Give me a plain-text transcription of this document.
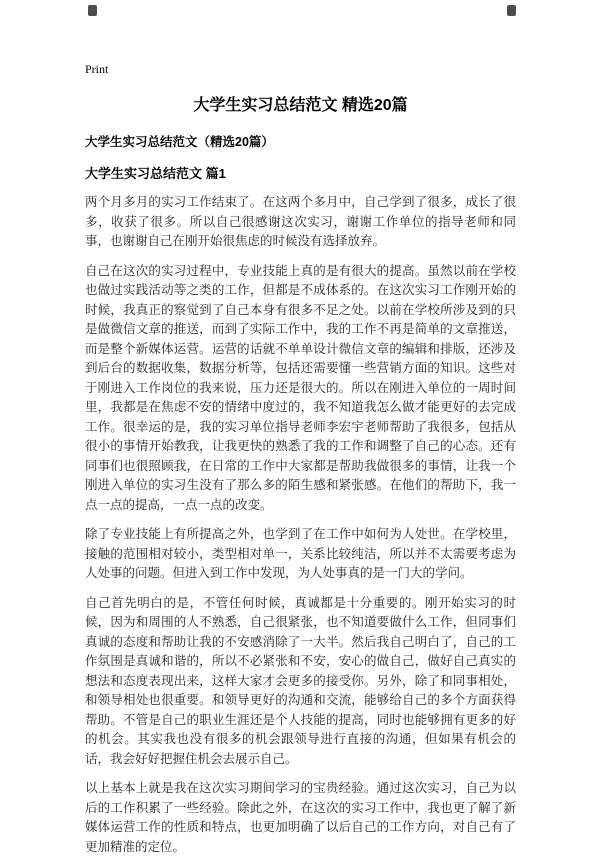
Print
大学生实习总结范文 精选20篇
大学生实习总结范文（精选20篇）
大学生实习总结范文 篇1

两个月多月的实习工作结束了。在这两个多月中，自己学到了很多，成长了很多，收获了很多。所以自己很感谢这次实习，谢谢工作单位的指导老师和同事，也谢谢自己在刚开始很焦虑的时候没有选择放弃。

自己在这次的实习过程中，专业技能上真的是有很大的提高。虽然以前在学校也做过实践活动等之类的工作，但都是不成体系的。在这次实习工作刚开始的时候，我真正的察觉到了自己本身有很多不足之处。以前在学校所涉及到的只是做微信文章的推送，而到了实际工作中，我的工作不再是简单的文章推送，而是整个新媒体运营。运营的话就不单单设计微信文章的编辑和排版，还涉及到后台的数据收集，数据分析等，包括还需要懂一些营销方面的知识。这些对于刚进入工作岗位的我来说，压力还是很大的。所以在刚进入单位的一周时间里，我都是在焦虑不安的情绪中度过的，我不知道我怎么做才能更好的去完成工作。很幸运的是，我的实习单位指导老师李宏宇老师帮助了我很多，包括从很小的事情开始教我，让我更快的熟悉了我的工作和调整了自己的心态。还有同事们也很照顾我，在日常的工作中大家都是帮助我做很多的事情，让我一个刚进入单位的实习生没有了那么多的陌生感和紧张感。在他们的帮助下，我一点一点的提高，一点一点的改变。

除了专业技能上有所提高之外，也学到了在工作中如何为人处世。在学校里，接触的范围相对较小，类型相对单一，关系比较纯洁，所以并不太需要考虑为人处事的问题。但进入到工作中发现，为人处事真的是一门大的学问。

自己首先明白的是，不管任何时候，真诚都是十分重要的。刚开始实习的时候，因为和周围的人不熟悉，自己很紧张，也不知道要做什么工作，但同事们真诚的态度和帮助让我的不安感消除了一大半。然后我自己明白了，自己的工作氛围是真诚和谐的，所以不必紧张和不安，安心的做自己，做好自己真实的想法和态度表现出来，这样大家才会更多的接受你。另外，除了和同事相处，和领导相处也很重要。和领导更好的沟通和交流，能够给自己的多个方面获得帮助。不管是自己的职业生涯还是个人技能的提高，同时也能够拥有更多的好的机会。其实我也没有很多的机会跟领导进行直接的沟通，但如果有机会的话，我会好好把握住机会去展示自己。

以上基本上就是我在这次实习期间学习的宝贵经验。通过这次实习，自己为以后的工作积累了一些经验。除此之外，在这次的实习工作中，我也更了解了新媒体运营工作的性质和特点，也更加明确了以后自己的工作方向，对自己有了更加精准的定位。
